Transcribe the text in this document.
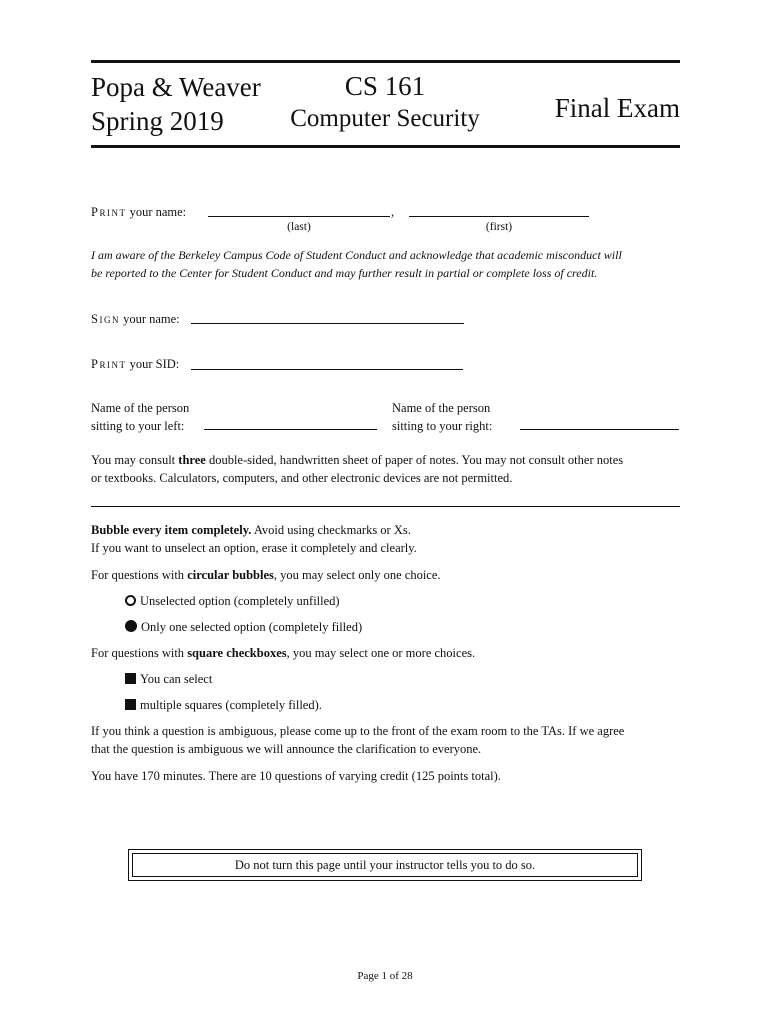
Popa & Weaver
Spring 2019
CS 161
Computer Security	Final Exam
Print your name:	,
(last)	(first)
I am aware of the Berkeley Campus Code of Student Conduct and acknowledge that academic misconduct will
be reported to the Center for Student Conduct and may further result in partial or complete loss of credit.
Sign your name:
Print your SID:
Name of the person
sitting to your left:
Name of the person
sitting to your right:
You may consult three double-sided, handwritten sheet of paper of notes. You may not consult other notes
or textbooks. Calculators, computers, and other electronic devices are not permitted.
Bubble every item completely. Avoid using checkmarks or Xs.
If you want to unselect an option, erase it completely and clearly.
For questions with circular bubbles, you may select only one choice.
Unselected option (completely unfilled)
Only one selected option (completely filled)
For questions with square checkboxes, you may select one or more choices.
You can select
multiple squares (completely filled).
If you think a question is ambiguous, please come up to the front of the exam room to the TAs. If we agree
that the question is ambiguous we will announce the clarification to everyone.
You have 170 minutes. There are 10 questions of varying credit (125 points total).
Do not turn this page until your instructor tells you to do so.
Page 1 of 28
